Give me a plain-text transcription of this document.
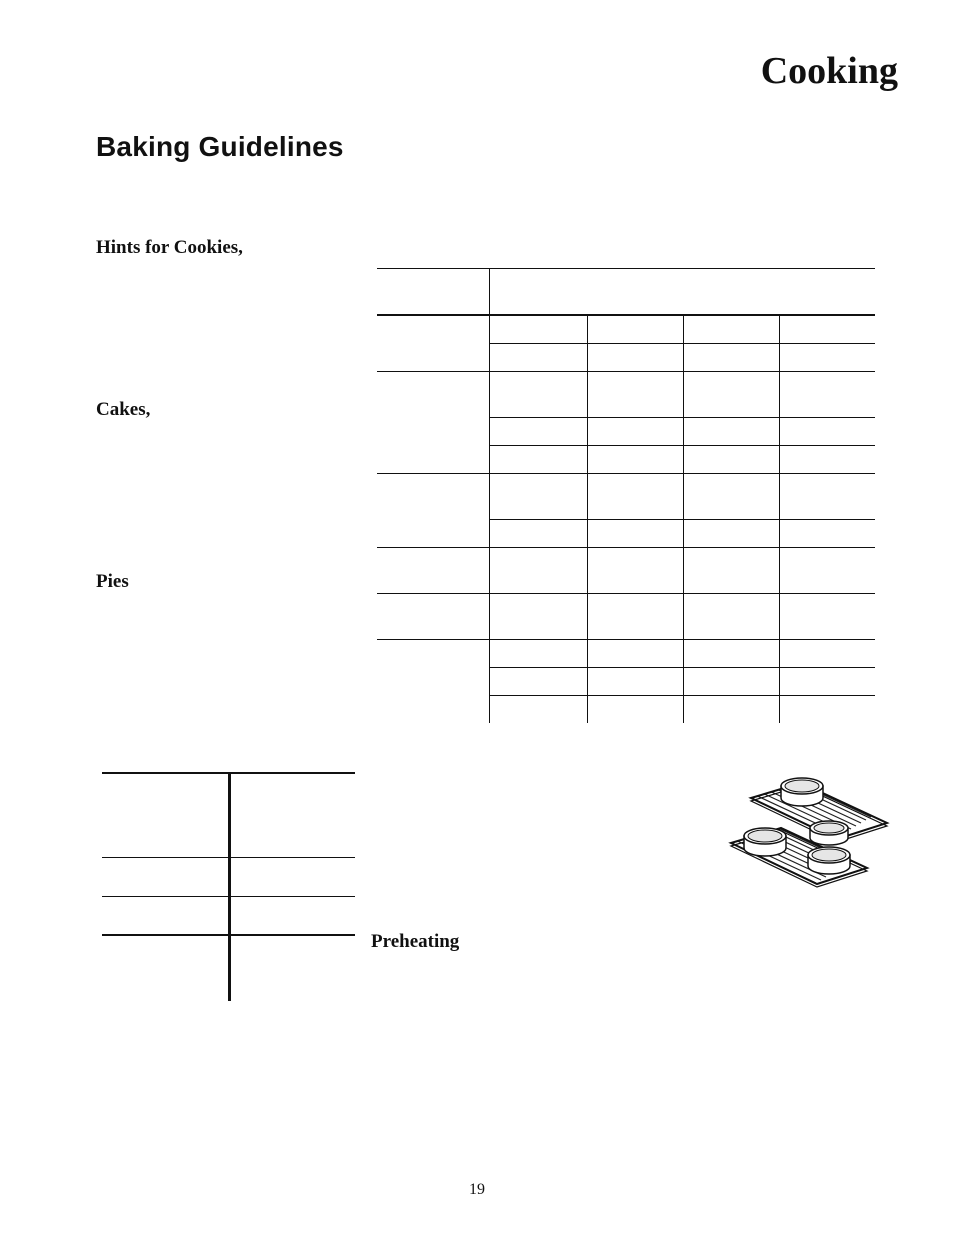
Cooking
Baking Guidelines
Hints for Cookies,
Cakes,
Pies
Preheating
19
